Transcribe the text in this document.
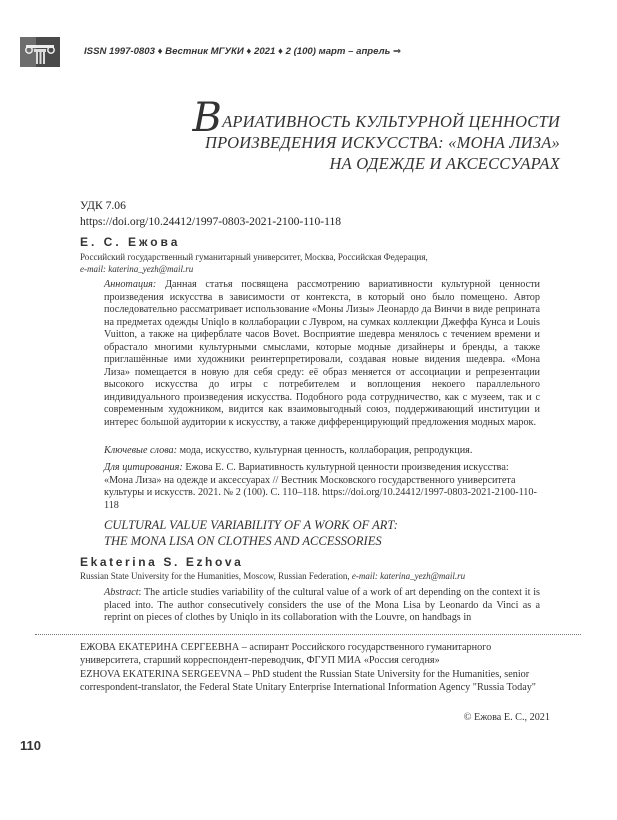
ISSN 1997-0803 ♦ Вестник МГУКИ ♦ 2021 ♦ 2 (100) март – апрель ⇒
ВАРИАТИВНОСТЬ КУЛЬТУРНОЙ ЦЕННОСТИ
ПРОИЗВЕДЕНИЯ ИСКУССТВА: «МОНА ЛИЗА»
НА ОДЕЖДЕ И АКСЕССУАРАХ
УДК 7.06
https://doi.org/10.24412/1997-0803-2021-2100-110-118
Е. С. Ежова
Российский государственный гуманитарный университет, Москва, Российская Федерация,
e-mail: katerina_yezh@mail.ru
Аннотация: Данная статья посвящена рассмотрению вариативности культурной ценности произведения искусства в зависимости от контекста, в который оно было помещено. Автор последовательно рассматривает использование «Моны Лизы» Леонардо да Винчи в виде реприната на предметах одежды Uniqlo в коллаборации с Лувром, на сумках коллекции Джеффа Кунса и Louis Vuitton, а также на циферблате часов Bovet. Восприятие шедевра менялось с течением времени и обрастало многими культурными смыслами, которые модные дизайнеры и бренды, а также приглашённые ими художники реинтерпретировали, создавая новые видения шедевра. «Мона Лиза» помещается в новую для себя среду: её образ меняется от ассоциации и репрезентации высокого искусства до игры с потребителем и воплощения некоего параллельного индивидуального произведения искусства. Подобного рода сотрудничество, как с музеем, так и с современным художником, видится как взаимовыгодный союз, поддерживающий институции и интерес большой аудитории к искусству, а также дифференцирующий предложения модных марок.
Ключевые слова: мода, искусство, культурная ценность, коллаборация, репродукция.
Для цитирования: Ежова Е. С. Вариативность культурной ценности произведения искусства: «Мона Лиза» на одежде и аксессуарах // Вестник Московского государственного университета культуры и искусств. 2021. № 2 (100). С. 110–118. https://doi.org/10.24412/1997-0803-2021-2100-110-118
CULTURAL VALUE VARIABILITY OF A WORK OF ART:
THE MONA LISA ON CLOTHES AND ACCESSORIES
Ekaterina S. Ezhova
Russian State University for the Humanities, Moscow, Russian Federation, e-mail: katerina_yezh@mail.ru
Abstract: The article studies variability of the cultural value of a work of art depending on the context it is placed into. The author consecutively considers the use of the Mona Lisa by Leonardo da Vinci as a reprint on pieces of clothes by Uniqlo in its collaboration with the Louvre, on handbags in
ЕЖОВА ЕКАТЕРИНА СЕРГЕЕВНА – аспирант Российского государственного гуманитарного университета, старший корреспондент-переводчик, ФГУП МИА «Россия сегодня»
EZHOVA EKATERINA SERGEEVNA – PhD student the Russian State University for the Humanities, senior correspondent-translator, the Federal State Unitary Enterprise International Information Agency "Russia Today"
© Ежова Е. С., 2021
110
